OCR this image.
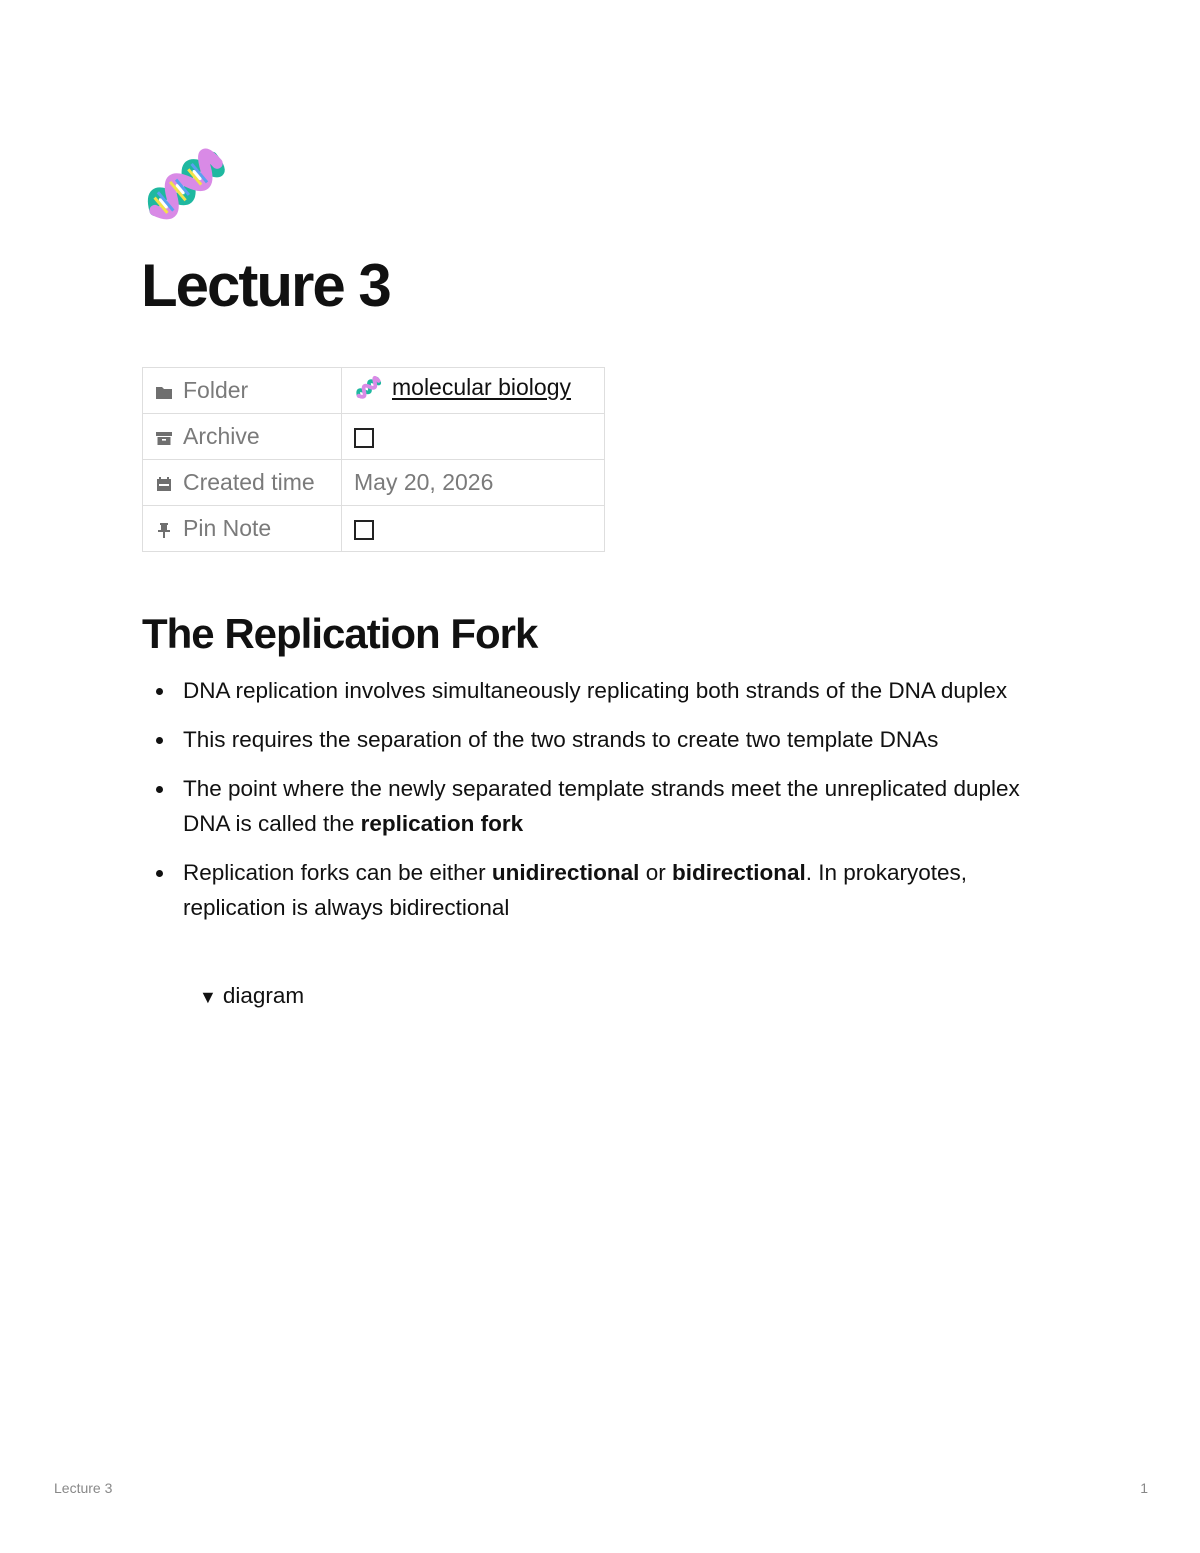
Lecture 3
Folder	molecular biology

Archive	

Created time	May 20, 2026

Pin Note	
The Replication Fork
DNA replication involves simultaneously replicating both strands of the DNA duplex
This requires the separation of the two strands to create two template DNAs
The point where the newly separated template strands meet the unreplicated duplex DNA is called the replication fork
Replication forks can be either unidirectional or bidirectional. In prokaryotes, replication is always bidirectional
▼ diagram
Lecture 3	1
